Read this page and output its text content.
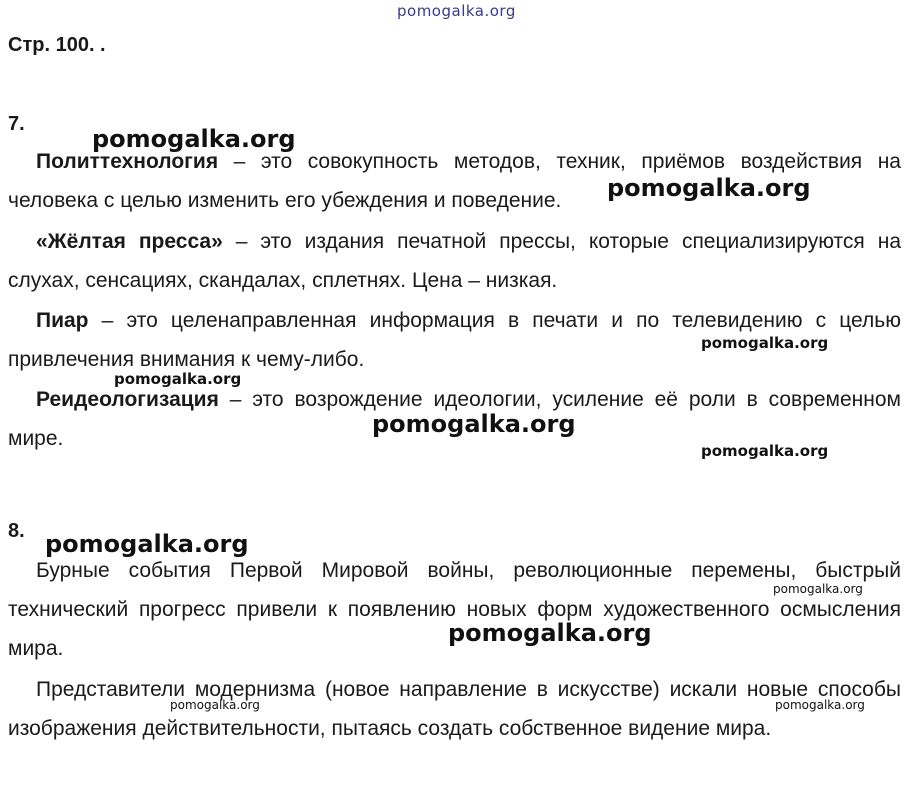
pomogalka.org
Стр. 100. .
7.

Политтехнология – это совокупность методов, техник, приёмов воздействия на человека с целью изменить его убеждения и поведение.

«Жёлтая пресса» – это издания печатной прессы, которые специализируются на слухах, сенсациях, скандалах, сплетнях. Цена – низкая.

Пиар – это целенаправленная информация в печати и по телевидению с целью привлечения внимания к чему-либо.

Реидеологизация – это возрождение идеологии, усиление её роли в современном мире.

8.

Бурные события Первой Мировой войны, революционные перемены, быстрый технический прогресс привели к появлению новых форм художественного осмысления мира.

Представители модернизма (новое направление в искусстве) искали новые способы изображения действительности, пытаясь создать собственное видение мира.

pomogalka.org
pomogalka.org
pomogalka.org
pomogalka.org
pomogalka.org
pomogalka.org
pomogalka.org
pomogalka.org
pomogalka.org
pomogalka.org	pomogalka.org
